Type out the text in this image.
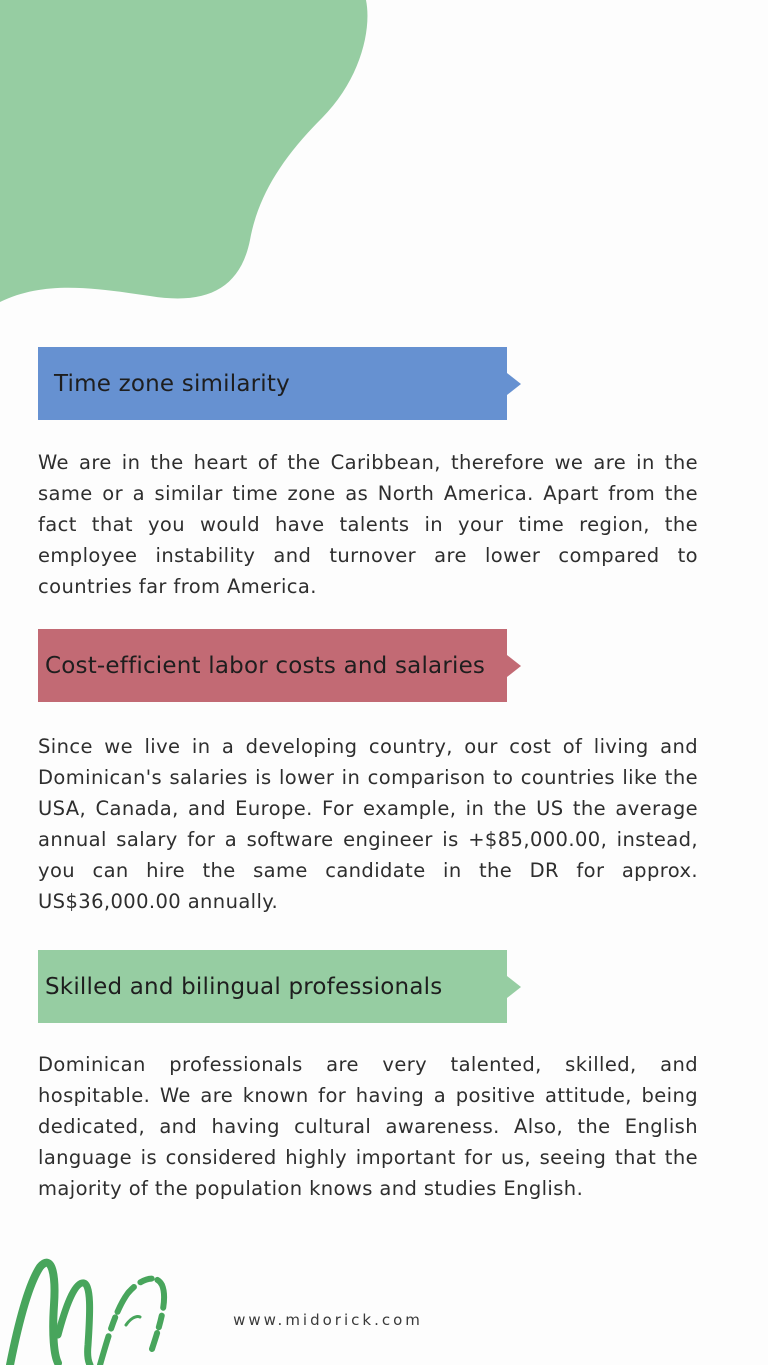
Time zone similarity

We are in the heart of the Caribbean, therefore we are in the same or a similar time zone as North America. Apart from the fact that you would have talents in your time region, the employee instability and turnover are lower compared to countries far from America.

Cost-efficient labor costs and salaries

Since we live in a developing country, our cost of living and Dominican's salaries is lower in comparison to countries like the USA, Canada, and Europe. For example, in the US the average annual salary for a software engineer is +$85,000.00, instead, you can hire the same candidate in the DR for approx. US$36,000.00 annually.

Skilled and bilingual professionals

Dominican professionals are very talented, skilled, and hospitable. We are known for having a positive attitude, being dedicated, and having cultural awareness. Also, the English language is considered highly important for us, seeing that the majority of the population knows and studies English.

www.midorick.com
